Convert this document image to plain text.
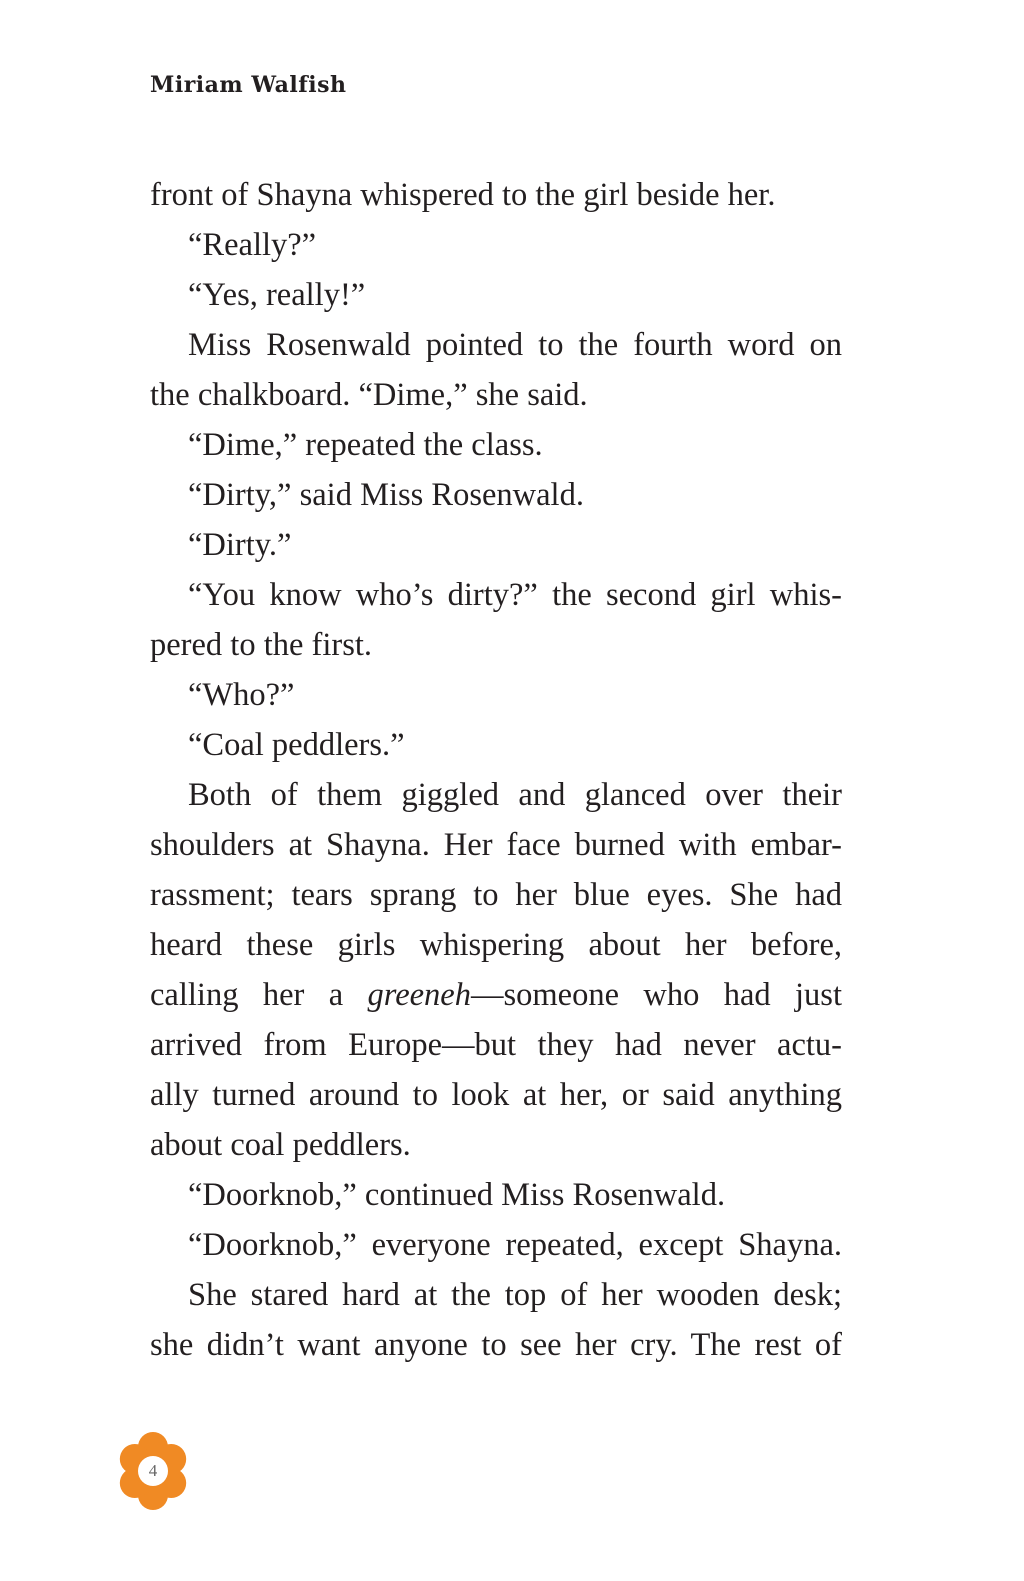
Miriam Walfish
front of Shayna whispered to the girl beside her.
“Really?”
“Yes, really!”
Miss Rosenwald pointed to the fourth word on
the chalkboard. “Dime,” she said.
“Dime,” repeated the class.
“Dirty,” said Miss Rosenwald.
“Dirty.”
“You know who’s dirty?” the second girl whis-
pered to the first.
“Who?”
“Coal peddlers.”
Both of them giggled and glanced over their
shoulders at Shayna. Her face burned with embar-
rassment; tears sprang to her blue eyes. She had
heard these girls whispering about her before,
calling her a greeneh—someone who had just
arrived from Europe—but they had never actu-
ally turned around to look at her, or said anything
about coal peddlers.
“Doorknob,” continued Miss Rosenwald.
“Doorknob,” everyone repeated, except Shayna.
She stared hard at the top of her wooden desk;
she didn’t want anyone to see her cry. The rest of
4
